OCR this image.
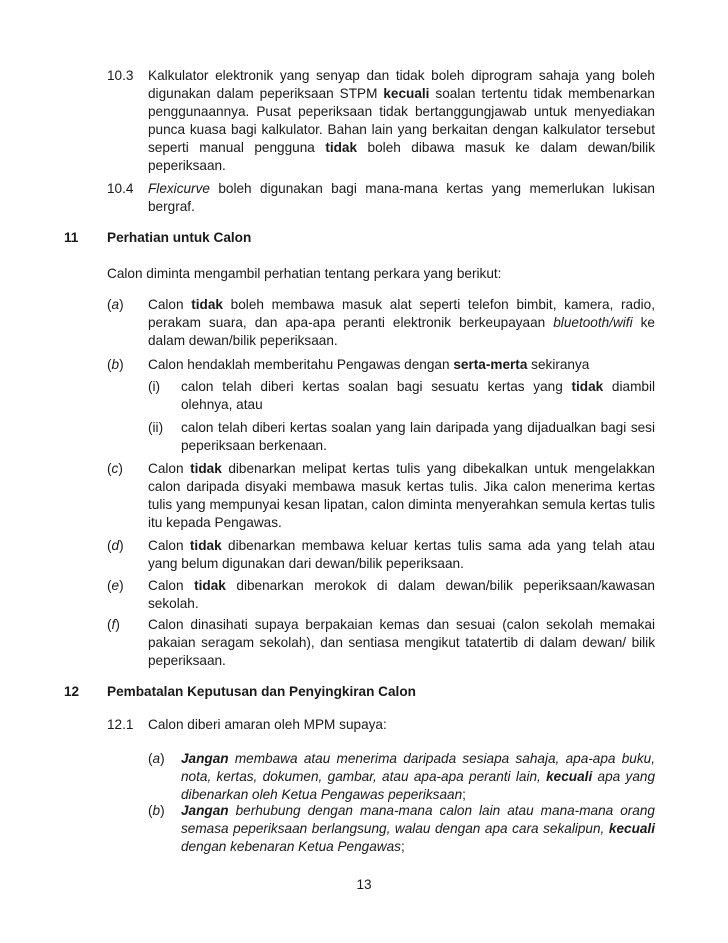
10.3 Kalkulator elektronik yang senyap dan tidak boleh diprogram sahaja yang boleh digunakan dalam peperiksaan STPM kecuali soalan tertentu tidak membenarkan penggunaannya. Pusat peperiksaan tidak bertanggungjawab untuk menyediakan punca kuasa bagi kalkulator. Bahan lain yang berkaitan dengan kalkulator tersebut seperti manual pengguna tidak boleh dibawa masuk ke dalam dewan/bilik peperiksaan.
10.4 Flexicurve boleh digunakan bagi mana-mana kertas yang memerlukan lukisan bergraf.
11 Perhatian untuk Calon
Calon diminta mengambil perhatian tentang perkara yang berikut:
(a) Calon tidak boleh membawa masuk alat seperti telefon bimbit, kamera, radio, perakam suara, dan apa-apa peranti elektronik berkeupayaan bluetooth/wifi ke dalam dewan/bilik peperiksaan.
(b) Calon hendaklah memberitahu Pengawas dengan serta-merta sekiranya
(i) calon telah diberi kertas soalan bagi sesuatu kertas yang tidak diambil olehnya, atau
(ii) calon telah diberi kertas soalan yang lain daripada yang dijadualkan bagi sesi peperiksaan berkenaan.
(c) Calon tidak dibenarkan melipat kertas tulis yang dibekalkan untuk mengelakkan calon daripada disyaki membawa masuk kertas tulis. Jika calon menerima kertas tulis yang mempunyai kesan lipatan, calon diminta menyerahkan semula kertas tulis itu kepada Pengawas.
(d) Calon tidak dibenarkan membawa keluar kertas tulis sama ada yang telah atau yang belum digunakan dari dewan/bilik peperiksaan.
(e) Calon tidak dibenarkan merokok di dalam dewan/bilik peperiksaan/kawasan sekolah.
(f) Calon dinasihati supaya berpakaian kemas dan sesuai (calon sekolah memakai pakaian seragam sekolah), dan sentiasa mengikut tatatertib di dalam dewan/ bilik peperiksaan.
12 Pembatalan Keputusan dan Penyingkiran Calon
12.1 Calon diberi amaran oleh MPM supaya:
(a) Jangan membawa atau menerima daripada sesiapa sahaja, apa-apa buku, nota, kertas, dokumen, gambar, atau apa-apa peranti lain, kecuali apa yang dibenarkan oleh Ketua Pengawas peperiksaan;
(b) Jangan berhubung dengan mana-mana calon lain atau mana-mana orang semasa peperiksaan berlangsung, walau dengan apa cara sekalipun, kecuali dengan kebenaran Ketua Pengawas;
13
